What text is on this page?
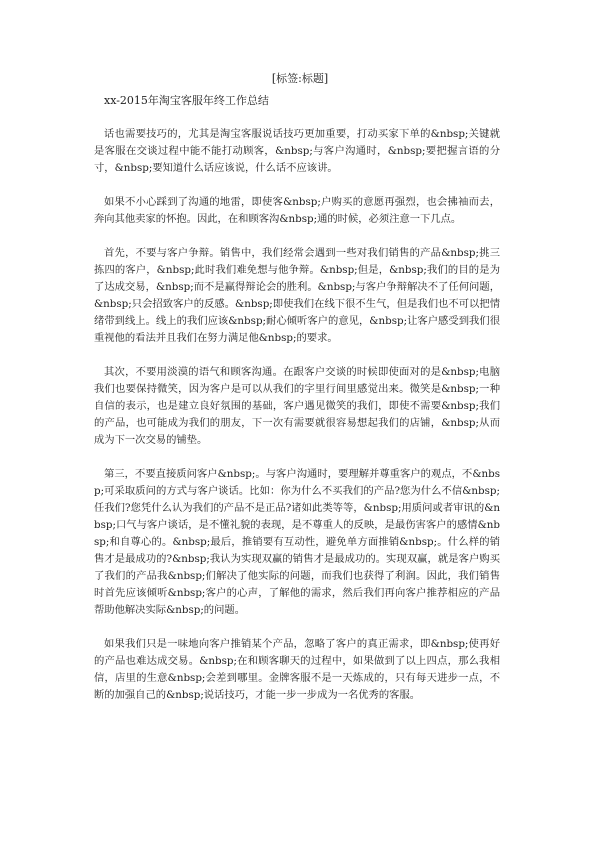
[标签:标题]
xx-2015年淘宝客服年终工作总结

话也需要技巧的，尤其是淘宝客服说话技巧更加重要，打动买家下单的&nbsp;关键就是客服在交谈过程中能不能打动顾客，&nbsp;与客户沟通时，&nbsp;要把握言语的分寸，&nbsp;要知道什么话应该说，什么话不应该讲。

如果不小心踩到了沟通的地雷，即使客&nbsp;户购买的意愿再强烈，也会拂袖而去，奔向其他卖家的怀抱。因此，在和顾客沟&nbsp;通的时候，必须注意一下几点。

首先，不要与客户争辩。销售中，我们经常会遇到一些对我们销售的产品&nbsp;挑三拣四的客户，&nbsp;此时我们难免想与他争辩。&nbsp;但是，&nbsp;我们的目的是为了达成交易，&nbsp;而不是赢得辩论会的胜利。&nbsp;与客户争辩解决不了任何问题，&nbsp;只会招致客户的反感。&nbsp;即使我们在线下很不生气，但是我们也不可以把情绪带到线上。线上的我们应该&nbsp;耐心倾听客户的意见，&nbsp;让客户感受到我们很重视他的看法并且我们在努力满足他&nbsp;的要求。

其次，不要用淡漠的语气和顾客沟通。在跟客户交谈的时候即使面对的是&nbsp;电脑我们也要保持微笑，因为客户是可以从我们的字里行间里感觉出来。微笑是&nbsp;一种自信的表示，也是建立良好氛围的基础，客户遇见微笑的我们，即使不需要&nbsp;我们的产品，也可能成为我们的朋友，下一次有需要就很容易想起我们的店铺，&nbsp;从而成为下一次交易的铺垫。

第三，不要直接质问客户&nbsp;。与客户沟通时，要理解并尊重客户的观点，不&nbsp;可采取质问的方式与客户谈话。比如：你为什么不买我们的产品?您为什么不信&nbsp;任我们?您凭什么认为我们的产品不是正品?诸如此类等等，&nbsp;用质问或者审讯的&nbsp;口气与客户谈话，是不懂礼貌的表现，是不尊重人的反映，是最伤害客户的感情&nbsp;和自尊心的。&nbsp;最后，推销要有互动性，避免单方面推销&nbsp;。什么样的销售才是最成功的?&nbsp;我认为实现双赢的销售才是最成功的。实现双赢，就是客户购买了我们的产品我&nbsp;们解决了他实际的问题，而我们也获得了利润。因此，我们销售时首先应该倾听&nbsp;客户的心声，了解他的需求，然后我们再向客户推荐相应的产品帮助他解决实际&nbsp;的问题。

如果我们只是一味地向客户推销某个产品，忽略了客户的真正需求，即&nbsp;使再好的产品也难达成交易。&nbsp;在和顾客聊天的过程中，如果做到了以上四点，那么我相信，店里的生意&nbsp;会差到哪里。金牌客服不是一天炼成的，只有每天进步一点，不断的加强自己的&nbsp;说话技巧，才能一步一步成为一名优秀的客服。
